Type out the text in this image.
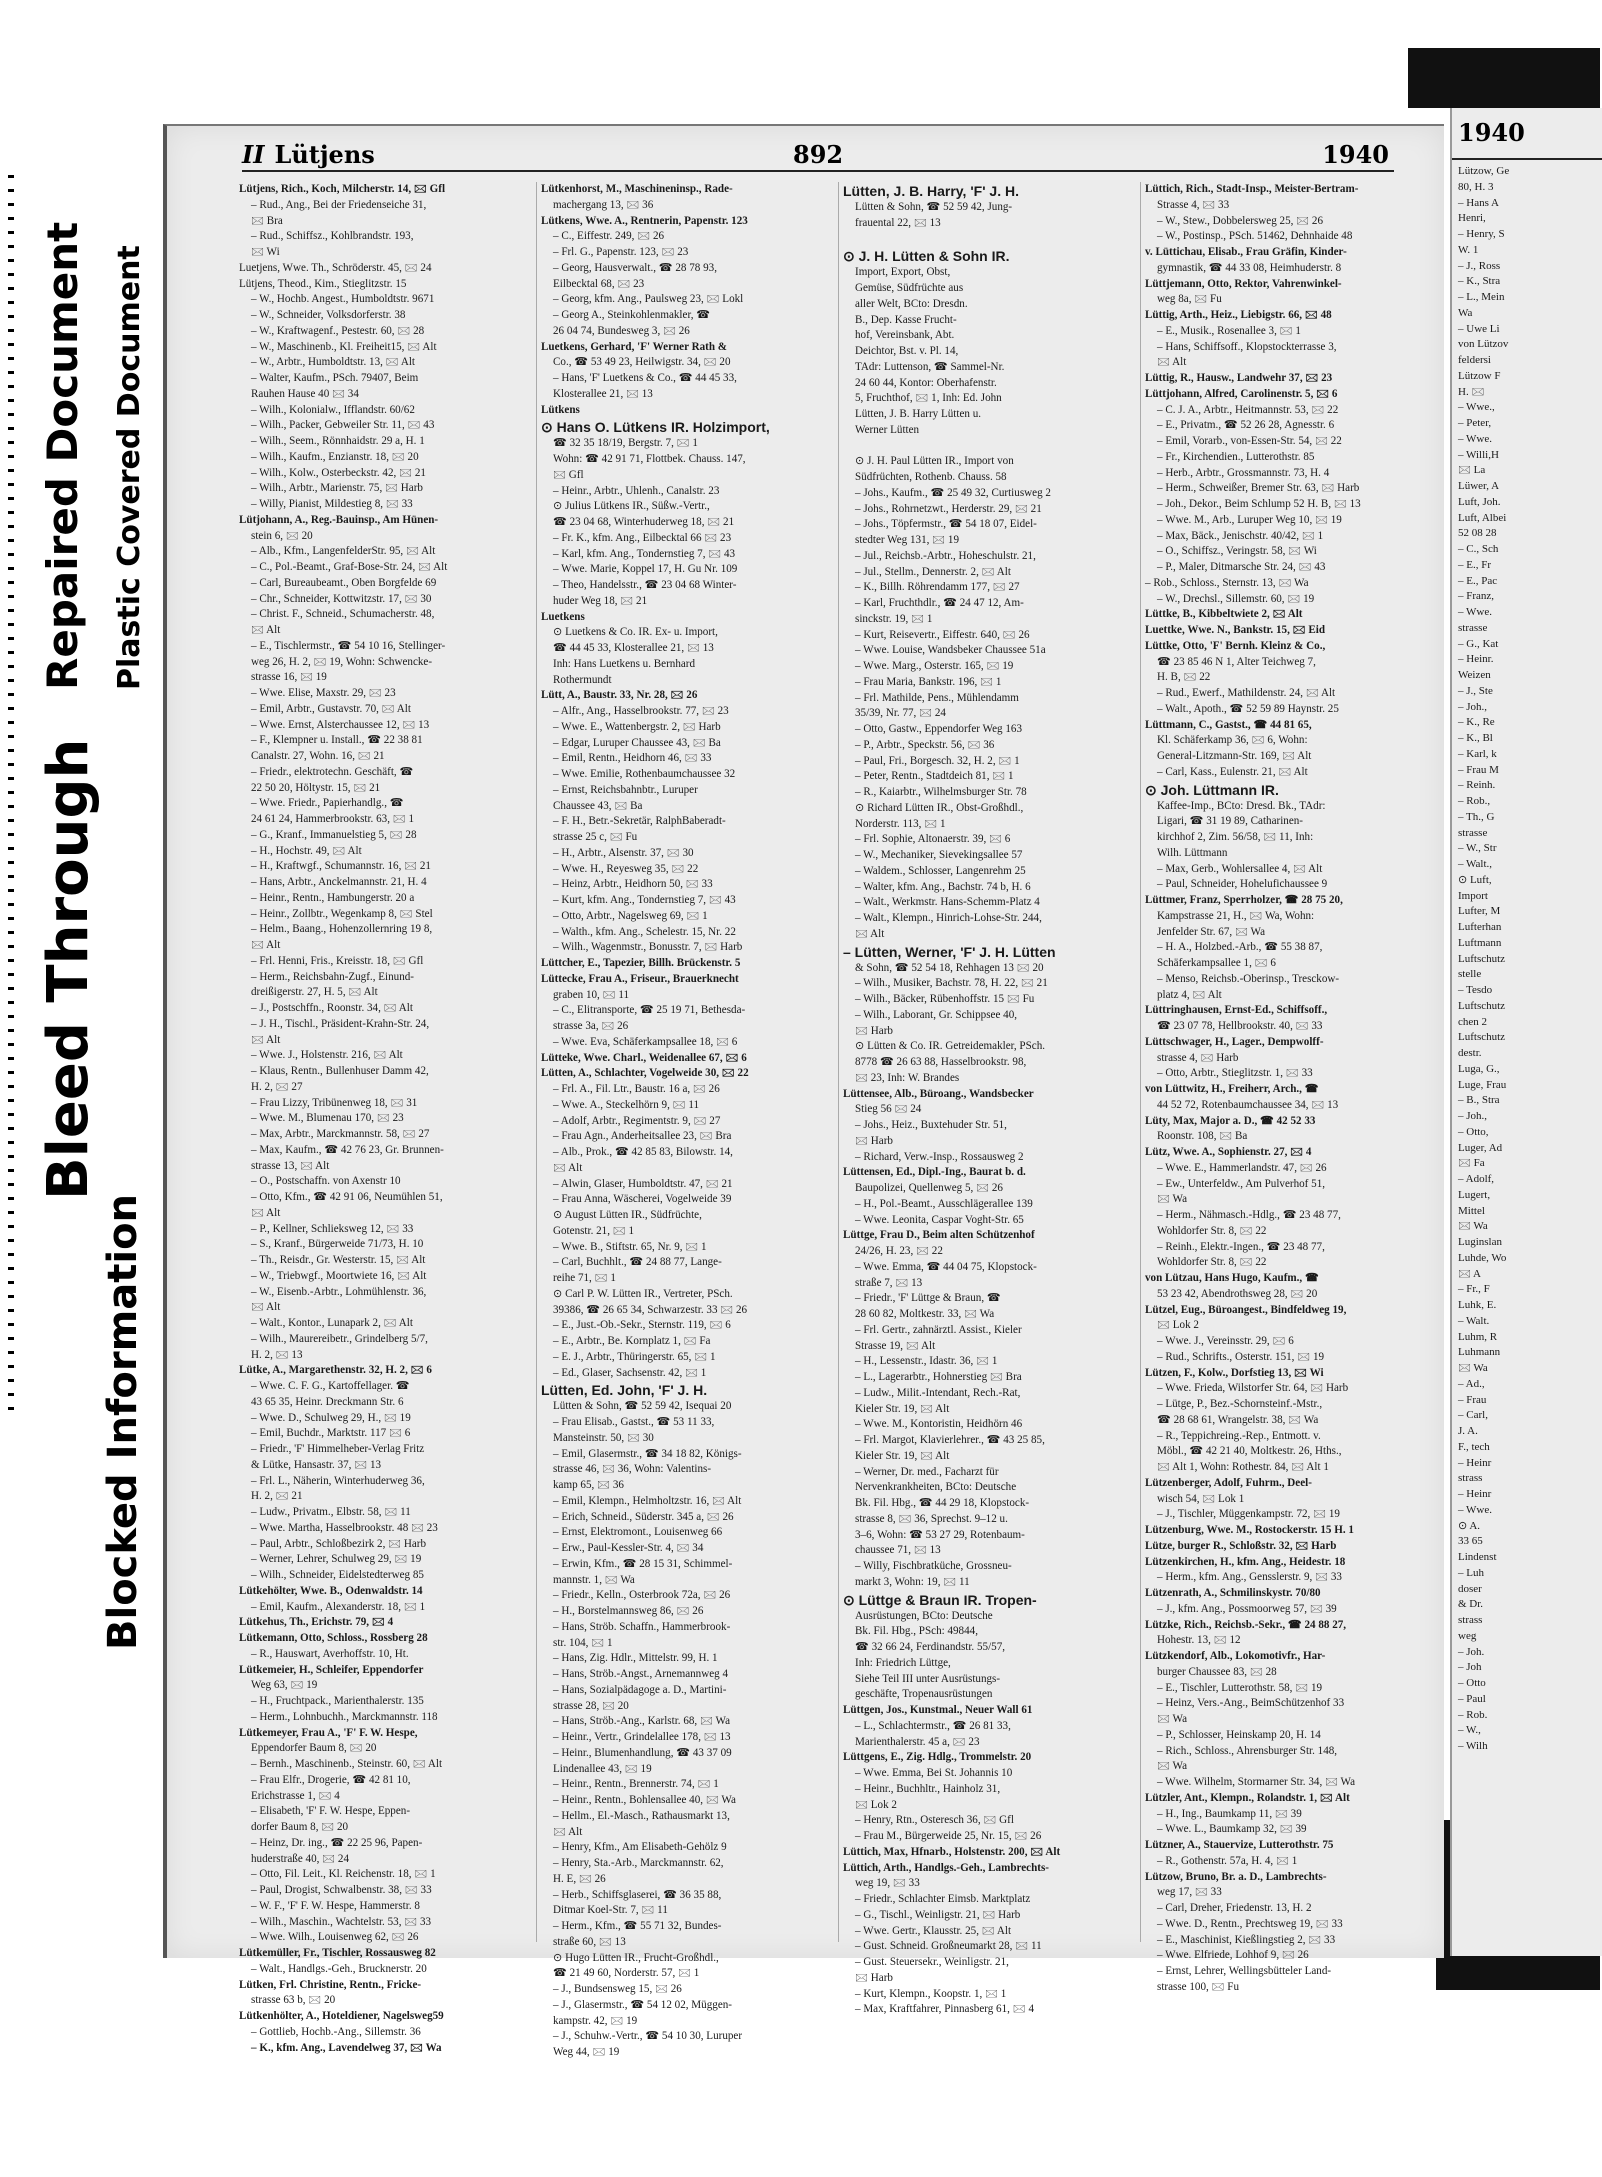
Bleed Through
Repaired Document Plastic Covered Document
Blocked Information
II Lütjens	892	1940
Lütjens, Rich., Koch, Milcherstr. 14, 🖂 Gfl
– Rud., Ang., Bei der Friedenseiche 31,
🖂 Bra
– Rud., Schiffsz., Kohlbrandstr. 193,
🖂 Wi
Luetjens, Wwe. Th., Schröderstr. 45, 🖂 24
Lütjens, Theod., Kim., Stieglitzstr. 15
– W., Hochb. Angest., Humboldtstr. 9671
– W., Schneider, Volksdorferstr. 38
– W., Kraftwagenf., Pestestr. 60, 🖂 28
– W., Maschinenb., Kl. Freiheit15, 🖂 Alt
– W., Arbtr., Humboldtstr. 13, 🖂 Alt
– Walter, Kaufm., PSch. 79407, Beim
Rauhen Hause 40 🖂 34
– Wilh., Kolonialw., Ifflandstr. 60/62
– Wilh., Packer, Gebweiler Str. 11, 🖂 43
– Wilh., Seem., Rönnhaidstr. 29 a, H. 1
– Wilh., Kaufm., Enzianstr. 18, 🖂 20
– Wilh., Kolw., Osterbeckstr. 42, 🖂 21
– Wilh., Arbtr., Marienstr. 75, 🖂 Harb
– Willy, Pianist, Mildestieg 8, 🖂 33
Lütjohann, A., Reg.-Bauinsp., Am Hünen-
stein 6, 🖂 20
– Alb., Kfm., LangenfelderStr. 95, 🖂 Alt
– C., Pol.-Beamt., Graf-Bose-Str. 24, 🖂 Alt
– Carl, Bureaubeamt., Oben Borgfelde 69
– Chr., Schneider, Kottwitzstr. 17, 🖂 30
– Christ. F., Schneid., Schumacherstr. 48,
🖂 Alt
– E., Tischlermstr., ☎ 54 10 16, Stellinger-
weg 26, H. 2, 🖂 19, Wohn: Schwencke-
strasse 16, 🖂 19
– Wwe. Elise, Maxstr. 29, 🖂 23
– Emil, Arbtr., Gustavstr. 70, 🖂 Alt
– Wwe. Ernst, Alsterchaussee 12, 🖂 13
– F., Klempner u. Install., ☎ 22 38 81
Canalstr. 27, Wohn. 16, 🖂 21
– Friedr., elektrotechn. Geschäft, ☎
22 50 20, Höltystr. 15, 🖂 21
– Wwe. Friedr., Papierhandlg., ☎
24 61 24, Hammerbrookstr. 63, 🖂 1
– G., Kranf., Immanuelstieg 5, 🖂 28
– H., Hochstr. 49, 🖂 Alt
– H., Kraftwgf., Schumannstr. 16, 🖂 21
– Hans, Arbtr., Anckelmannstr. 21, H. 4
– Heinr., Rentn., Hambungerstr. 20 a
– Heinr., Zollbtr., Wegenkamp 8, 🖂 Stel
– Helm., Baang., Hohenzollernring 19 8,
🖂 Alt
– Frl. Henni, Fris., Kreisstr. 18, 🖂 Gfl
– Herm., Reichsbahn-Zugf., Einund-
dreißigerstr. 27, H. 5, 🖂 Alt
– J., Postschffn., Roonstr. 34, 🖂 Alt
– J. H., Tischl., Präsident-Krahn-Str. 24,
🖂 Alt
– Wwe. J., Holstenstr. 216, 🖂 Alt
– Klaus, Rentn., Bullenhuser Damm 42,
H. 2, 🖂 27
– Frau Lizzy, Tribünenweg 18, 🖂 31
– Wwe. M., Blumenau 170, 🖂 23
– Max, Arbtr., Marckmannstr. 58, 🖂 27
– Max, Kaufm., ☎ 42 76 23, Gr. Brunnen-
strasse 13, 🖂 Alt
– O., Postschaffn. von Axenstr 10
– Otto, Kfm., ☎ 42 91 06, Neumühlen 51,
🖂 Alt
– P., Kellner, Schlieksweg 12, 🖂 33
– S., Kranf., Bürgerweide 71/73, H. 10
– Th., Reisdr., Gr. Westerstr. 15, 🖂 Alt
– W., Triebwgf., Moortwiete 16, 🖂 Alt
– W., Eisenb.-Arbtr., Lohmühlenstr. 36,
🖂 Alt
– Walt., Kontor., Lunapark 2, 🖂 Alt
– Wilh., Maurereibetr., Grindelberg 5/7,
H. 2, 🖂 13
Lütke, A., Margarethenstr. 32, H. 2, 🖂 6
– Wwe. C. F. G., Kartoffellager. ☎
43 65 35, Heinr. Dreckmann Str. 6
– Wwe. D., Schulweg 29, H., 🖂 19
– Emil, Buchdr., Marktstr. 117 🖂 6
– Friedr., 'F' Himmelheber-Verlag Fritz
& Lütke, Hansastr. 37, 🖂 13
– Frl. L., Näherin, Winterhuderweg 36,
H. 2, 🖂 21
– Ludw., Privatm., Elbstr. 58, 🖂 11
– Wwe. Martha, Hasselbrookstr. 48 🖂 23
– Paul, Arbtr., Schloßbezirk 2, 🖂 Harb
– Werner, Lehrer, Schulweg 29, 🖂 19
– Wilh., Schneider, Eidelstedterweg 85
Lütkehölter, Wwe. B., Odenwaldstr. 14
– Emil, Kaufm., Alexanderstr. 18, 🖂 1
Lütkehus, Th., Erichstr. 79, 🖂 4
Lütkemann, Otto, Schloss., Rossberg 28
– R., Hauswart, Averhoffstr. 10, Ht.
Lütkemeier, H., Schleifer, Eppendorfer
Weg 63, 🖂 19
– H., Fruchtpack., Marienthalerstr. 135
– Herm., Lohnbuchh., Marckmannstr. 118
Lütkemeyer, Frau A., 'F' F. W. Hespe,
Eppendorfer Baum 8, 🖂 20
– Bernh., Maschinenb., Steinstr. 60, 🖂 Alt
– Frau Elfr., Drogerie, ☎ 42 81 10,
Erichstrasse 1, 🖂 4
– Elisabeth, 'F' F. W. Hespe, Eppen-
dorfer Baum 8, 🖂 20
– Heinz, Dr. ing., ☎ 22 25 96, Papen-
huderstraße 40, 🖂 24
– Otto, Fil. Leit., Kl. Reichenstr. 18, 🖂 1
– Paul, Drogist, Schwalbenstr. 38, 🖂 33
– W. F., 'F' F. W. Hespe, Hammerstr. 8
– Wilh., Maschin., Wachtelstr. 53, 🖂 33
– Wwe. Wilh., Louisenweg 62, 🖂 26
Lütkemüller, Fr., Tischler, Rossausweg 82
– Walt., Handlgs.-Geh., Brucknerstr. 20
Lütken, Frl. Christine, Rentn., Fricke-
strasse 63 b, 🖂 20
Lütkenhölter, A., Hoteldiener, Nagelsweg59
– Gottlieb, Hochb.-Ang., Sillemstr. 36
– K., kfm. Ang., Lavendelweg 37, 🖂 Wa
Lütkenhorst, M., Maschineninsp., Rade-
machergang 13, 🖂 36
Lütkens, Wwe. A., Rentnerin, Papenstr. 123
– C., Eiffestr. 249, 🖂 26
– Frl. G., Papenstr. 123, 🖂 23
– Georg, Hausverwalt., ☎ 28 78 93,
Eilbecktal 68, 🖂 23
– Georg, kfm. Ang., Paulsweg 23, 🖂 Lokl
– Georg A., Steinkohlenmakler, ☎
26 04 74, Bundesweg 3, 🖂 26
Luetkens, Gerhard, 'F' Werner Rath &
Co., ☎ 53 49 23, Heilwigstr. 34, 🖂 20
– Hans, 'F' Luetkens & Co., ☎ 44 45 33,
Klosterallee 21, 🖂 13
Lütkens
⊙ Hans O. Lütkens IR. Holzimport,
☎ 32 35 18/19, Bergstr. 7, 🖂 1
Wohn: ☎ 42 91 71, Flottbek. Chauss. 147,
🖂 Gfl
– Heinr., Arbtr., Uhlenh., Canalstr. 23
⊙ Julius Lütkens IR., Süßw.-Vertr.,
☎ 23 04 68, Winterhuderweg 18, 🖂 21
– Fr. K., kfm. Ang., Eilbecktal 66 🖂 23
– Karl, kfm. Ang., Tondernstieg 7, 🖂 43
– Wwe. Marie, Koppel 17, H. Gu Nr. 109
– Theo, Handelsstr., ☎ 23 04 68 Winter-
huder Weg 18, 🖂 21
Luetkens
⊙ Luetkens & Co. IR. Ex- u. Import,
☎ 44 45 33, Klosterallee 21, 🖂 13
Inh: Hans Luetkens u. Bernhard
Rothermundt
Lütt, A., Baustr. 33, Nr. 28, 🖂 26
– Alfr., Ang., Hasselbrookstr. 77, 🖂 23
– Wwe. E., Wattenbergstr. 2, 🖂 Harb
– Edgar, Luruper Chaussee 43, 🖂 Ba
– Emil, Rentn., Heidhorn 46, 🖂 33
– Wwe. Emilie, Rothenbaumchaussee 32
– Ernst, Reichsbahnbtr., Luruper
Chaussee 43, 🖂 Ba
– F. H., Betr.-Sekretär, RalphBaberadt-
strasse 25 c, 🖂 Fu
– H., Arbtr., Alsenstr. 37, 🖂 30
– Wwe. H., Reyesweg 35, 🖂 22
– Heinz, Arbtr., Heidhorn 50, 🖂 33
– Kurt, kfm. Ang., Tondernstieg 7, 🖂 43
– Otto, Arbtr., Nagelsweg 69, 🖂 1
– Walth., kfm. Ang., Schelestr. 15, Nr. 22
– Wilh., Wagenmstr., Bonusstr. 7, 🖂 Harb
Lüttcher, E., Tapezier, Billh. Brückenstr. 5
Lüttecke, Frau A., Friseur., Brauerknecht
graben 10, 🖂 11
– C., Elitransporte, ☎ 25 19 71, Bethesda-
strasse 3a, 🖂 26
– Wwe. Eva, Schäferkampsallee 18, 🖂 6
Lütteke, Wwe. Charl., Weidenallee 67, 🖂 6
Lütten, A., Schlachter, Vogelweide 30, 🖂 22
– Frl. A., Fil. Ltr., Baustr. 16 a, 🖂 26
– Wwe. A., Steckelhörn 9, 🖂 11
– Adolf, Arbtr., Regimentstr. 9, 🖂 27
– Frau Agn., Anderheitsallee 23, 🖂 Bra
– Alb., Prok., ☎ 42 85 83, Bilowstr. 14,
🖂 Alt
– Alwin, Glaser, Humboldtstr. 47, 🖂 21
– Frau Anna, Wäscherei, Vogelweide 39
⊙ August Lütten IR., Südfrüchte,
Gotenstr. 21, 🖂 1
– Wwe. B., Stiftstr. 65, Nr. 9, 🖂 1
– Carl, Buchhlt., ☎ 24 88 77, Lange-
reihe 71, 🖂 1
⊙ Carl P. W. Lütten IR., Vertreter, PSch.
39386, ☎ 26 65 34, Schwarzestr. 33 🖂 26
– E., Just.-Ob.-Sekr., Sternstr. 119, 🖂 6
– E., Arbtr., Be. Kornplatz 1, 🖂 Fa
– E. J., Arbtr., Thüringerstr. 65, 🖂 1
– Ed., Glaser, Sachsenstr. 42, 🖂 1
Lütten, Ed. John, 'F' J. H.
Lütten & Sohn, ☎ 52 59 42, Isequai 20
– Frau Elisab., Gastst., ☎ 53 11 33,
Mansteinstr. 50, 🖂 30
– Emil, Glasermstr., ☎ 34 18 82, Königs-
strasse 46, 🖂 36, Wohn: Valentins-
kamp 65, 🖂 36
– Emil, Klempn., Helmholtzstr. 16, 🖂 Alt
– Erich, Schneid., Süderstr. 345 a, 🖂 26
– Ernst, Elektromont., Louisenweg 66
– Erw., Paul-Kessler-Str. 4, 🖂 34
– Erwin, Kfm., ☎ 28 15 31, Schimmel-
mannstr. 1, 🖂 Wa
– Friedr., Kelln., Osterbrook 72a, 🖂 26
– H., Borstelmannsweg 86, 🖂 26
– Hans, Ströb. Schaffn., Hammerbrook-
str. 104, 🖂 1
– Hans, Zig. Hdlr., Mittelstr. 99, H. 1
– Hans, Ströb.-Angst., Arnemannweg 4
– Hans, Sozialpädagoge a. D., Martini-
strasse 28, 🖂 20
– Hans, Ströb.-Ang., Karlstr. 68, 🖂 Wa
– Heinr., Vertr., Grindelallee 178, 🖂 13
– Heinr., Blumenhandlung, ☎ 43 37 09
Lindenallee 43, 🖂 19
– Heinr., Rentn., Brennerstr. 74, 🖂 1
– Heinr., Rentn., Bohlensallee 40, 🖂 Wa
– Hellm., El.-Masch., Rathausmarkt 13,
🖂 Alt
– Henry, Kfm., Am Elisabeth-Gehölz 9
– Henry, Sta.-Arb., Marckmannstr. 62,
H. E, 🖂 26
– Herb., Schiffsglaserei, ☎ 36 35 88,
Ditmar Koel-Str. 7, 🖂 11
– Herm., Kfm., ☎ 55 71 32, Bundes-
straße 60, 🖂 13
⊙ Hugo Lütten IR., Frucht-Großhdl.,
☎ 21 49 60, Norderstr. 57, 🖂 1
– J., Bundsensweg 15, 🖂 26
– J., Glasermstr., ☎ 54 12 02, Müggen-
kampstr. 42, 🖂 19
– J., Schuhw.-Vertr., ☎ 54 10 30, Luruper
Weg 44, 🖂 19
Lütten, J. B. Harry, 'F' J. H.
Lütten & Sohn, ☎ 52 59 42, Jung-
frauental 22, 🖂 13

⊙ J. H. Lütten & Sohn IR.
Import, Export, Obst,
Gemüse, Südfrüchte aus
aller Welt, BCto: Dresdn.
B., Dep. Kasse Frucht-
hof, Vereinsbank, Abt.
Deichtor, Bst. v. Pl. 14,
TAdr: Luttenson, ☎ Sammel-Nr.
24 60 44, Kontor: Oberhafenstr.
5, Fruchthof, 🖂 1, Inh: Ed. John
Lütten, J. B. Harry Lütten u.
Werner Lütten

⊙ J. H. Paul Lütten IR., Import von
Südfrüchten, Rothenb. Chauss. 58
– Johs., Kaufm., ☎ 25 49 32, Curtiusweg 2
– Johs., Rohrnetzwt., Herderstr. 29, 🖂 21
– Johs., Töpfermstr., ☎ 54 18 07, Eidel-
stedter Weg 131, 🖂 19
– Jul., Reichsb.-Arbtr., Hoheschulstr. 21,
– Jul., Stellm., Dennerstr. 2, 🖂 Alt
– K., Billh. Röhrendamm 177, 🖂 27
– Karl, Fruchthdlr., ☎ 24 47 12, Am-
sinckstr. 19, 🖂 1
– Kurt, Reisevertr., Eiffestr. 640, 🖂 26
– Wwe. Louise, Wandsbeker Chaussee 51a
– Wwe. Marg., Osterstr. 165, 🖂 19
– Frau Maria, Bankstr. 196, 🖂 1
– Frl. Mathilde, Pens., Mühlendamm
35/39, Nr. 77, 🖂 24
– Otto, Gastw., Eppendorfer Weg 163
– P., Arbtr., Speckstr. 56, 🖂 36
– Paul, Fri., Borgesch. 32, H. 2, 🖂 1
– Peter, Rentn., Stadtdeich 81, 🖂 1
– R., Kaiarbtr., Wilhelmsburger Str. 78
⊙ Richard Lütten IR., Obst-Großhdl.,
Norderstr. 113, 🖂 1
– Frl. Sophie, Altonaerstr. 39, 🖂 6
– W., Mechaniker, Sievekingsallee 57
– Waldem., Schlosser, Langenrehm 25
– Walter, kfm. Ang., Bachstr. 74 b, H. 6
– Walt., Werkmstr. Hans-Schemm-Platz 4
– Walt., Klempn., Hinrich-Lohse-Str. 244,
🖂 Alt
– Lütten, Werner, 'F' J. H. Lütten
& Sohn, ☎ 52 54 18, Rehhagen 13 🖂 20
– Wilh., Musiker, Bachstr. 78, H. 22, 🖂 21
– Wilh., Bäcker, Rübenhoffstr. 15 🖂 Fu
– Wilh., Laborant, Gr. Schippsee 40,
🖂 Harb
⊙ Lütten & Co. IR. Getreidemakler, PSch.
8778 ☎ 26 63 88, Hasselbrookstr. 98,
🖂 23, Inh: W. Brandes
Lüttensee, Alb., Büroang., Wandsbecker
Stieg 56 🖂 24
– Johs., Heiz., Buxtehuder Str. 51,
🖂 Harb
– Richard, Verw.-Insp., Rossausweg 2
Lüttensen, Ed., Dipl.-Ing., Baurat b. d.
Baupolizei, Quellenweg 5, 🖂 26
– H., Pol.-Beamt., Ausschlägerallee 139
– Wwe. Leonita, Caspar Voght-Str. 65
Lüttge, Frau D., Beim alten Schützenhof
24/26, H. 23, 🖂 22
– Wwe. Emma, ☎ 44 04 75, Klopstock-
straße 7, 🖂 13
– Friedr., 'F' Lüttge & Braun, ☎
28 60 82, Moltkestr. 33, 🖂 Wa
– Frl. Gertr., zahnärztl. Assist., Kieler
Strasse 19, 🖂 Alt
– H., Lessenstr., Idastr. 36, 🖂 1
– L., Lagerarbtr., Hohnerstieg 🖂 Bra
– Ludw., Milit.-Intendant, Rech.-Rat,
Kieler Str. 19, 🖂 Alt
– Wwe. M., Kontoristin, Heidhörn 46
– Frl. Margot, Klavierlehrer., ☎ 43 25 85,
Kieler Str. 19, 🖂 Alt
– Werner, Dr. med., Facharzt für
Nervenkrankheiten, BCto: Deutsche
Bk. Fil. Hbg., ☎ 44 29 18, Klopstock-
strasse 8, 🖂 36, Sprechst. 9–12 u.
3–6, Wohn: ☎ 53 27 29, Rotenbaum-
chaussee 71, 🖂 13
– Willy, Fischbratküche, Grossneu-
markt 3, Wohn: 19, 🖂 11
⊙ Lüttge & Braun IR. Tropen-
Ausrüstungen, BCto: Deutsche
Bk. Fil. Hbg., PSch: 49844,
☎ 32 66 24, Ferdinandstr. 55/57,
Inh: Friedrich Lüttge,
Siehe Teil III unter Ausrüstungs-
geschäfte, Tropenausrüstungen
Lüttgen, Jos., Kunstmal., Neuer Wall 61
– L., Schlachtermstr., ☎ 26 81 33,
Marienthalerstr. 45 a, 🖂 23
Lüttgens, E., Zig. Hdlg., Trommelstr. 20
– Wwe. Emma, Bei St. Johannis 10
– Heinr., Buchhltr., Hainholz 31,
🖂 Lok 2
– Henry, Rtn., Osteresch 36, 🖂 Gfl
– Frau M., Bürgerweide 25, Nr. 15, 🖂 26
Lüttich, Max, Hfnarb., Holstenstr. 200, 🖂 Alt
Lüttich, Arth., Handlgs.-Geh., Lambrechts-
weg 19, 🖂 33
– Friedr., Schlachter Eimsb. Marktplatz
– G., Tischl., Weinligstr. 21, 🖂 Harb
– Wwe. Gertr., Klausstr. 25, 🖂 Alt
– Gust. Schneid. Großneumarkt 28, 🖂 11
– Gust. Steuersekr., Weinligstr. 21,
🖂 Harb
– Kurt, Klempn., Koopstr. 1, 🖂 1
– Max, Kraftfahrer, Pinnasberg 61, 🖂 4
Lüttich, Rich., Stadt-Insp., Meister-Bertram-
Strasse 4, 🖂 33
– W., Stew., Dobbelersweg 25, 🖂 26
– W., Postinsp., PSch. 51462, Dehnhaide 48
v. Lüttichau, Elisab., Frau Gräfin, Kinder-
gymnastik, ☎ 44 33 08, Heimhuderstr. 8
Lüttjemann, Otto, Rektor, Vahrenwinkel-
weg 8a, 🖂 Fu
Lüttig, Arth., Heiz., Liebigstr. 66, 🖂 48
– E., Musik., Rosenallee 3, 🖂 1
– Hans, Schiffsoff., Klopstockterrasse 3,
🖂 Alt
Lüttig, R., Hausw., Landwehr 37, 🖂 23
Lüttjohann, Alfred, Carolinenstr. 5, 🖂 6
– C. J. A., Arbtr., Heitmannstr. 53, 🖂 22
– E., Privatm., ☎ 52 26 28, Agnesstr. 6
– Emil, Vorarb., von-Essen-Str. 54, 🖂 22
– Fr., Kirchendien., Lutterothstr. 85
– Herb., Arbtr., Grossmannstr. 73, H. 4
– Herm., Schweißer, Bremer Str. 63, 🖂 Harb
– Joh., Dekor., Beim Schlump 52 H. B, 🖂 13
– Wwe. M., Arb., Luruper Weg 10, 🖂 19
– Max, Bäck., Jenischstr. 40/42, 🖂 1
– O., Schiffsz., Veringstr. 58, 🖂 Wi
– P., Maler, Ditmarsche Str. 24, 🖂 43
– Rob., Schloss., Sternstr. 13, 🖂 Wa
– W., Drechsl., Sillemstr. 60, 🖂 19
Lüttke, B., Kibbeltwiete 2, 🖂 Alt
Luettke, Wwe. N., Bankstr. 15, 🖂 Eid
Lüttke, Otto, 'F' Bernh. Kleinz & Co.,
☎ 23 85 46 N 1, Alter Teichweg 7,
H. B, 🖂 22
– Rud., Ewerf., Mathildenstr. 24, 🖂 Alt
– Walt., Apoth., ☎ 52 59 89 Haynstr. 25
Lüttmann, C., Gastst., ☎ 44 81 65,
Kl. Schäferkamp 36, 🖂 6, Wohn:
General-Litzmann-Str. 169, 🖂 Alt
– Carl, Kass., Eulenstr. 21, 🖂 Alt
⊙ Joh. Lüttmann IR.
Kaffee-Imp., BCto: Dresd. Bk., TAdr:
Ligari, ☎ 31 19 89, Catharinen-
kirchhof 2, Zim. 56/58, 🖂 11, Inh:
Wilh. Lüttmann
– Max, Gerb., Wohlersallee 4, 🖂 Alt
– Paul, Schneider, Hohelufichaussee 9
Lüttmer, Franz, Sperrholzer, ☎ 28 75 20,
Kampstrasse 21, H., 🖂 Wa, Wohn:
Jenfelder Str. 67, 🖂 Wa
– H. A., Holzbed.-Arb., ☎ 55 38 87,
Schäferkampsallee 1, 🖂 6
– Menso, Reichsb.-Oberinsp., Tresckow-
platz 4, 🖂 Alt
Lüttringhausen, Ernst-Ed., Schiffsoff.,
☎ 23 07 78, Hellbrookstr. 40, 🖂 33
Lüttschwager, H., Lager., Dempwolff-
strasse 4, 🖂 Harb
– Otto, Arbtr., Stieglitzstr. 1, 🖂 33
von Lüttwitz, H., Freiherr, Arch., ☎
44 52 72, Rotenbaumchaussee 34, 🖂 13
Lüty, Max, Major a. D., ☎ 42 52 33
Roonstr. 108, 🖂 Ba
Lütz, Wwe. A., Sophienstr. 27, 🖂 4
– Wwe. E., Hammerlandstr. 47, 🖂 26
– Ew., Unterfeldw., Am Pulverhof 51,
🖂 Wa
– Herm., Nähmasch.-Hdlg., ☎ 23 48 77,
Wohldorfer Str. 8, 🖂 22
– Reinh., Elektr.-Ingen., ☎ 23 48 77,
Wohldorfer Str. 8, 🖂 22
von Lützau, Hans Hugo, Kaufm., ☎
53 23 42, Abendrothsweg 28, 🖂 20
Lützel, Eug., Büroangest., Bindfeldweg 19,
🖂 Lok 2
– Wwe. J., Vereinsstr. 29, 🖂 6
– Rud., Schrifts., Osterstr. 151, 🖂 19
Lützen, F., Kolw., Dorfstieg 13, 🖂 Wi
– Wwe. Frieda, Wilstorfer Str. 64, 🖂 Harb
– Lütge, P., Bez.-Schornsteinf.-Mstr.,
☎ 28 68 61, Wrangelstr. 38, 🖂 Wa
– R., Teppichreing.-Rep., Entmott. v.
Möbl., ☎ 42 21 40, Moltkestr. 26, Hths.,
🖂 Alt 1, Wohn: Rothestr. 84, 🖂 Alt 1
Lützenberger, Adolf, Fuhrm., Deel-
wisch 54, 🖂 Lok 1
– J., Tischler, Müggenkampstr. 72, 🖂 19
Lützenburg, Wwe. M., Rostockerstr. 15 H. 1
Lütze, burger R., Schloßstr. 32, 🖂 Harb
Lützenkirchen, H., kfm. Ang., Heidestr. 18
– Herm., kfm. Ang., Gensslerstr. 9, 🖂 33
Lützenrath, A., Schmilinskystr. 70/80
– J., kfm. Ang., Possmoorweg 57, 🖂 39
Lützke, Rich., Reichsb.-Sekr., ☎ 24 88 27,
Hohestr. 13, 🖂 12
Lützkendorf, Alb., Lokomotivfr., Har-
burger Chaussee 83, 🖂 28
– E., Tischler, Lutterothstr. 58, 🖂 19
– Heinz, Vers.-Ang., BeimSchützenhof 33
🖂 Wa
– P., Schlosser, Heinskamp 20, H. 14
– Rich., Schloss., Ahrensburger Str. 148,
🖂 Wa
– Wwe. Wilhelm, Stormarner Str. 34, 🖂 Wa
Lützler, Ant., Klempn., Rolandstr. 1, 🖂 Alt
– H., Ing., Baumkamp 11, 🖂 39
– Wwe. L., Baumkamp 32, 🖂 39
Lützner, A., Stauervize, Lutterothstr. 75
– R., Gothenstr. 57a, H. 4, 🖂 1
Lützow, Bruno, Br. a. D., Lambrechts-
weg 17, 🖂 33
– Carl, Dreher, Friedenstr. 13, H. 2
– Wwe. D., Rentn., Prechtsweg 19, 🖂 33
– E., Maschinist, Kießlingstieg 2, 🖂 33
– Wwe. Elfriede, Lohhof 9, 🖂 26
– Ernst, Lehrer, Wellingsbütteler Land-
strasse 100, 🖂 Fu
1940
Lützow, Ge
80, H. 3
– Hans A
Henri,
– Henry, S
W. 1
– J., Ross
– K., Stra
– L., Mein
Wa
– Uwe Li
von Lützov
feldersi
Lützow F
H. 🖂
– Wwe.,
– Peter,
– Wwe.
– Willi,H
🖂 La
Lüwer, A
Luft, Joh.
Luft, Albei
52 08 28
– C., Sch
– E., Fr
– E., Pac
– Franz,
– Wwe.
strasse
– G., Kat
– Heinr.
Weizen
– J., Ste
– Joh.,
– K., Re
– K., Bl
– Karl, k
– Frau M
– Reinh.
– Rob.,
– Th., G
strasse
– W., Str
– Walt.,
⊙ Luft,
Import
Lufter, M
Lufterhan
Luftmann
Luftschutz
stelle
– Tesdo
Luftschutz
chen 2
Luftschutz
destr.
Luga, G.,
Luge, Frau
– B., Stra
– Joh.,
– Otto,
Luger, Ad
🖂 Fa
– Adolf,
Lugert,
Mittel
🖂 Wa
Luginslan
Luhde, Wo
🖂 A
– Fr., F
Luhk, E.
– Walt.
Luhm, R
Luhmann
🖂 Wa
– Ad.,
– Frau
– Carl,
J. A.
F., tech
– Heinr
strass
– Heinr
– Wwe.
⊙ A.
33 65
Lindenst
– Luh
doser
& Dr.
strass
weg
– Joh.
– Joh
– Otto
– Paul
– Rob.
– W.,
– Wilh
